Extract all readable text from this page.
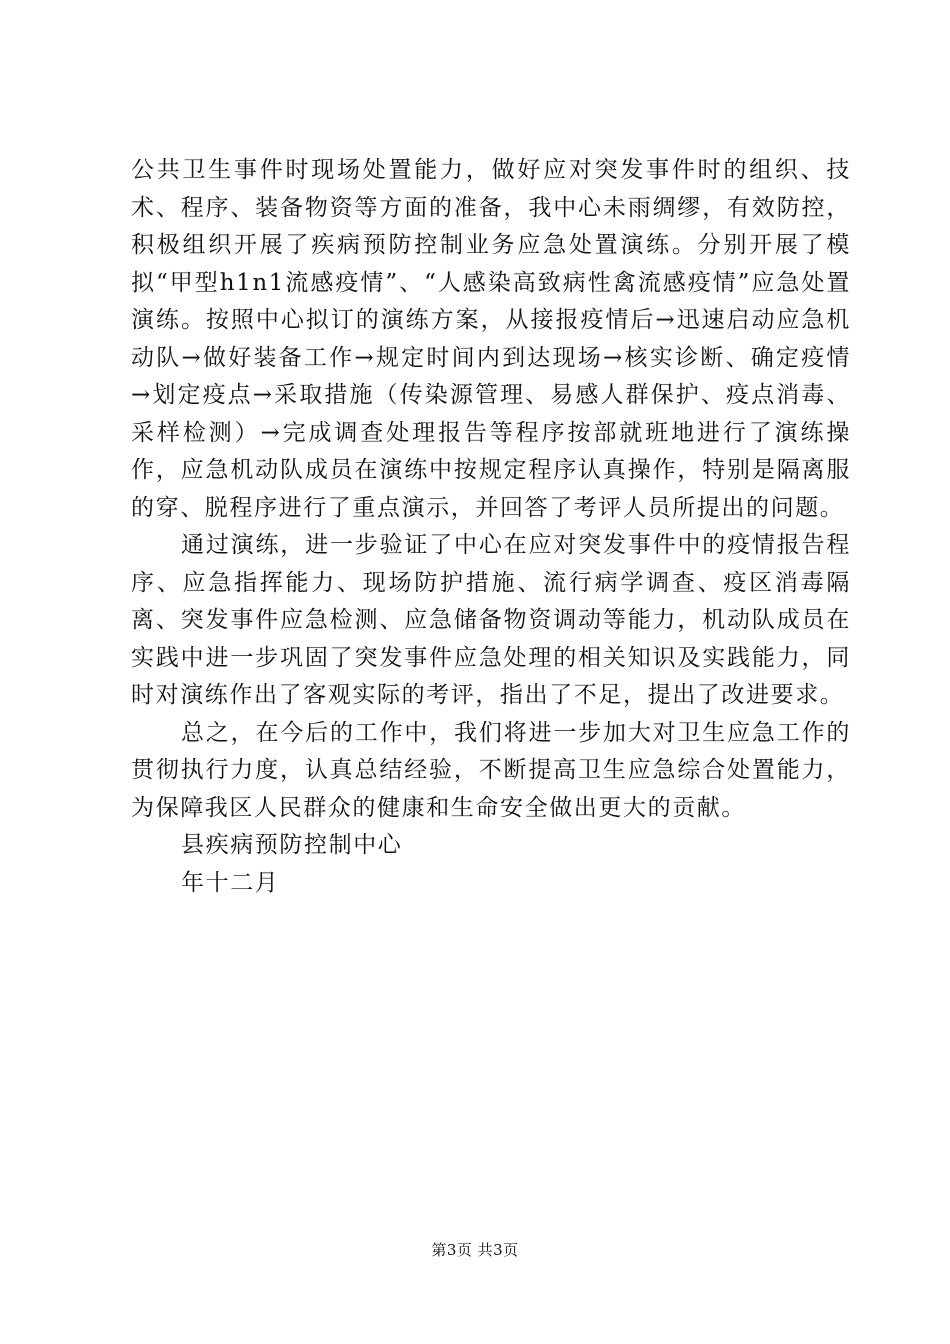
公共卫生事件时现场处置能力，做好应对突发事件时的组织、技术、程序、装备物资等方面的准备，我中心未雨绸缪，有效防控，积极组织开展了疾病预防控制业务应急处置演练。分别开展了模拟“甲型h1n1流感疫情”、“人感染高致病性禽流感疫情”应急处置演练。按照中心拟订的演练方案，从接报疫情后→迅速启动应急机动队→做好装备工作→规定时间内到达现场→核实诊断、确定疫情→划定疫点→采取措施（传染源管理、易感人群保护、疫点消毒、采样检测）→完成调查处理报告等程序按部就班地进行了演练操作，应急机动队成员在演练中按规定程序认真操作，特别是隔离服的穿、脱程序进行了重点演示，并回答了考评人员所提出的问题。

通过演练，进一步验证了中心在应对突发事件中的疫情报告程序、应急指挥能力、现场防护措施、流行病学调查、疫区消毒隔离、突发事件应急检测、应急储备物资调动等能力，机动队成员在实践中进一步巩固了突发事件应急处理的相关知识及实践能力，同时对演练作出了客观实际的考评，指出了不足，提出了改进要求。

总之，在今后的工作中，我们将进一步加大对卫生应急工作的贯彻执行力度，认真总结经验，不断提高卫生应急综合处置能力，为保障我区人民群众的健康和生命安全做出更大的贡献。

县疾病预防控制中心

年十二月

第3页 共3页
